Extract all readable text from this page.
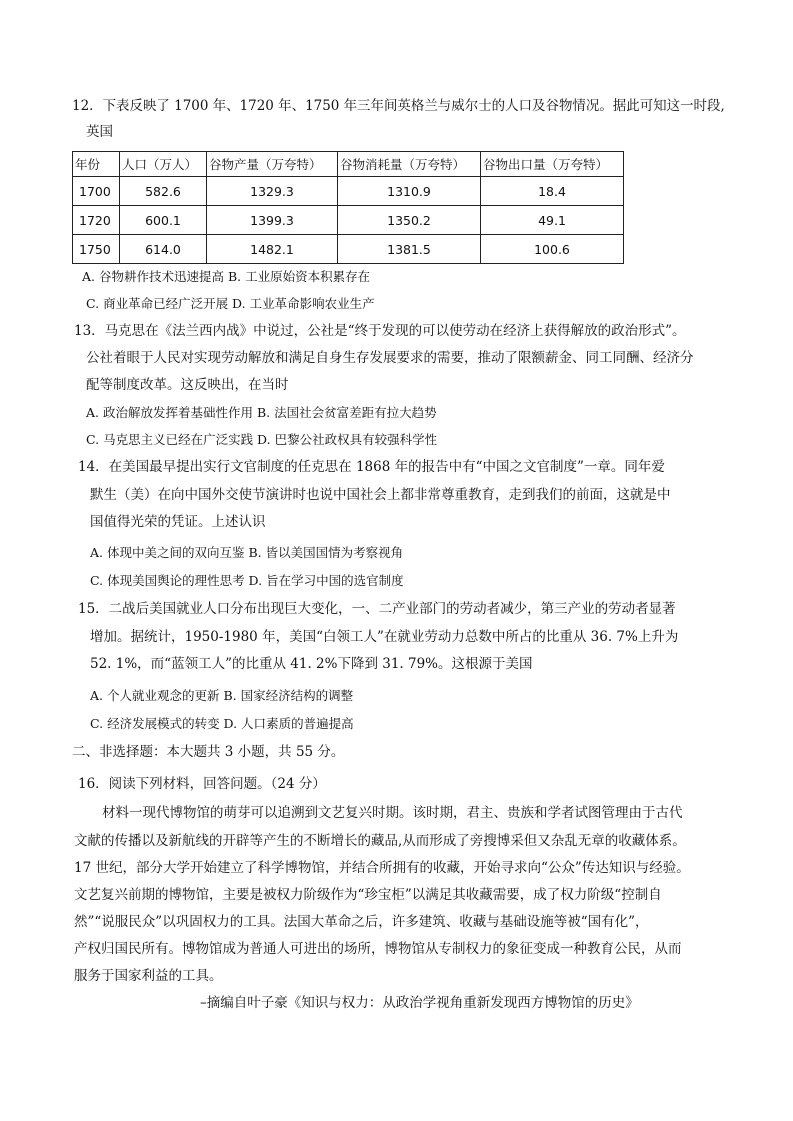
12．下表反映了 1700 年、1720 年、1750 年三年间英格兰与威尔士的人口及谷物情况。据此可知这一时段,
英国
年份	人口（万人）	谷物产量（万夸特）	谷物消耗量（万夸特）	谷物出口量（万夸特）
1700	582.6	1329.3	1310.9	18.4
1720	600.1	1399.3	1350.2	49.1
1750	614.0	1482.1	1381.5	100.6
A. 谷物耕作技术迅速提高 B. 工业原始资本积累存在
C. 商业革命已经广泛开展 D. 工业革命影响农业生产
13．马克思在《法兰西内战》中说过，公社是“终于发现的可以使劳动在经济上获得解放的政治形式”。
公社着眼于人民对实现劳动解放和满足自身生存发展要求的需要，推动了限额薪金、同工同酬、经济分
配等制度改革。这反映出，在当时
A. 政治解放发挥着基础性作用 B. 法国社会贫富差距有拉大趋势
C. 马克思主义已经在广泛实践 D. 巴黎公社政权具有较强科学性
14．在美国最早提出实行文官制度的任克思在 1868 年的报告中有“中国之文官制度”一章。同年爱
默生（美）在向中国外交使节演讲时也说中国社会上都非常尊重教育，走到我们的前面，这就是中
国值得光荣的凭证。上述认识
A. 体现中美之间的双向互鉴 B. 皆以美国国情为考察视角
C. 体现美国舆论的理性思考 D. 旨在学习中国的选官制度
15．二战后美国就业人口分布出现巨大变化，一、二产业部门的劳动者减少，第三产业的劳动者显著
增加。据统计，1950-1980 年，美国“白领工人”在就业劳动力总数中所占的比重从 36. 7%上升为
52. 1%，而“蓝领工人”的比重从 41. 2%下降到 31. 79%。这根源于美国
A. 个人就业观念的更新 B. 国家经济结构的调整
C. 经济发展模式的转变 D. 人口素质的普遍提高
二、非选择题：本大题共 3 小题，共 55 分。
16．阅读下列材料，回答问题。（24 分）
材料一现代博物馆的萌芽可以追溯到文艺复兴时期。该时期，君主、贵族和学者试图管理由于古代
文献的传播以及新航线的开辟等产生的不断增长的藏品,从而形成了旁搜博采但又杂乱无章的收藏体系。
17 世纪，部分大学开始建立了科学博物馆，并结合所拥有的收藏，开始寻求向“公众”传达知识与经验。
文艺复兴前期的博物馆，主要是被权力阶级作为“珍宝柜”以满足其收藏需要，成了权力阶级“控制自
然”“说服民众”以巩固权力的工具。法国大革命之后，许多建筑、收藏与基础设施等被“国有化”，
产权归国民所有。博物馆成为普通人可进出的场所，博物馆从专制权力的象征变成一种教育公民，从而
服务于国家利益的工具。
–摘编自叶子豪《知识与权力：从政治学视角重新发现西方博物馆的历史》
